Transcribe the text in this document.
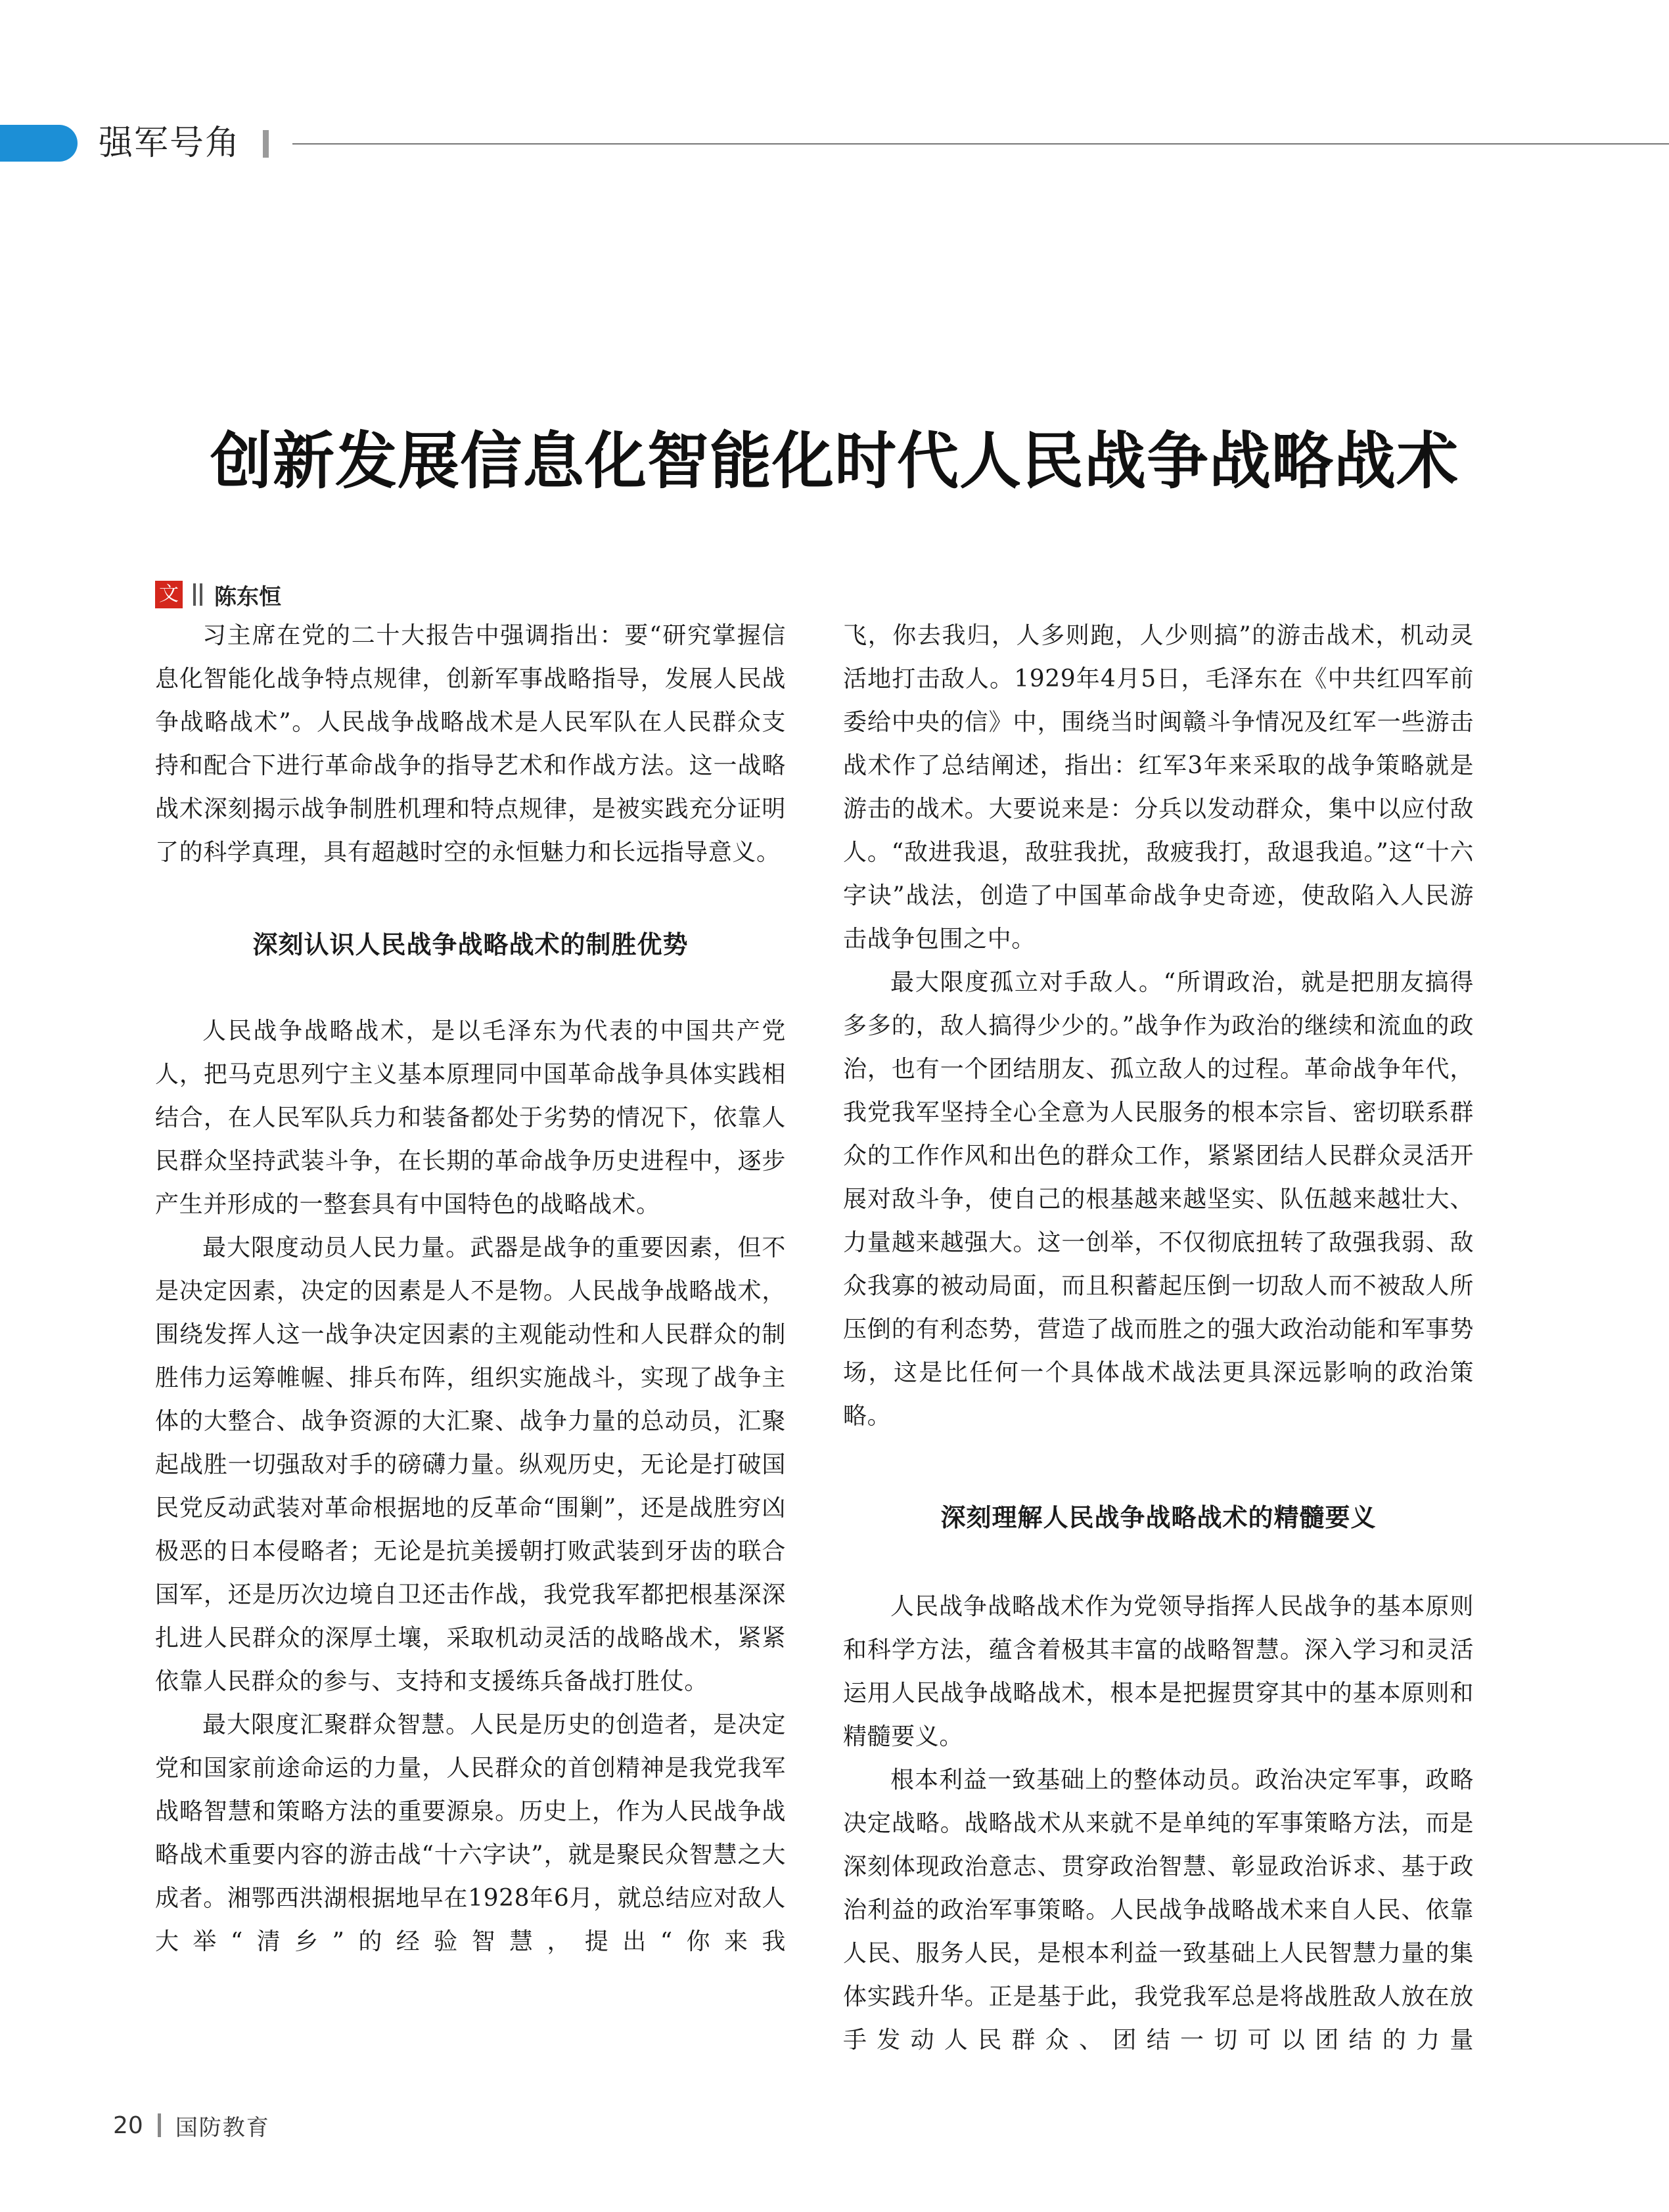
强军号角
创新发展信息化智能化时代人民战争战略战术
文 陈东恒

习主席在党的二十大报告中强调指出：要“研究掌握信息化智能化战争特点规律，创新军事战略指导，发展人民战争战略战术”。人民战争战略战术是人民军队在人民群众支持和配合下进行革命战争的指导艺术和作战方法。这一战略战术深刻揭示战争制胜机理和特点规律，是被实践充分证明了的科学真理，具有超越时空的永恒魅力和长远指导意义。

深刻认识人民战争战略战术的制胜优势

人民战争战略战术，是以毛泽东为代表的中国共产党人，把马克思列宁主义基本原理同中国革命战争具体实践相结合，在人民军队兵力和装备都处于劣势的情况下，依靠人民群众坚持武装斗争，在长期的革命战争历史进程中，逐步产生并形成的一整套具有中国特色的战略战术。

最大限度动员人民力量。武器是战争的重要因素，但不是决定因素，决定的因素是人不是物。人民战争战略战术，围绕发挥人这一战争决定因素的主观能动性和人民群众的制胜伟力运筹帷幄、排兵布阵，组织实施战斗，实现了战争主体的大整合、战争资源的大汇聚、战争力量的总动员，汇聚起战胜一切强敌对手的磅礴力量。纵观历史，无论是打破国民党反动武装对革命根据地的反革命“围剿”，还是战胜穷凶极恶的日本侵略者；无论是抗美援朝打败武装到牙齿的联合国军，还是历次边境自卫还击作战，我党我军都把根基深深扎进人民群众的深厚土壤，采取机动灵活的战略战术，紧紧依靠人民群众的参与、支持和支援练兵备战打胜仗。

最大限度汇聚群众智慧。人民是历史的创造者，是决定党和国家前途命运的力量，人民群众的首创精神是我党我军战略智慧和策略方法的重要源泉。历史上，作为人民战争战略战术重要内容的游击战“十六字诀”，就是聚民众智慧之大成者。湘鄂西洪湖根据地早在1928年6月，就总结应对敌人大举“清乡”的经验智慧，提出“你来我

飞，你去我归，人多则跑，人少则搞”的游击战术，机动灵活地打击敌人。1929年4月5日，毛泽东在《中共红四军前委给中央的信》中，围绕当时闽赣斗争情况及红军一些游击战术作了总结阐述，指出：红军3年来采取的战争策略就是游击的战术。大要说来是：分兵以发动群众，集中以应付敌人。“敌进我退，敌驻我扰，敌疲我打，敌退我追。”这“十六字诀”战法，创造了中国革命战争史奇迹，使敌陷入人民游击战争包围之中。

最大限度孤立对手敌人。“所谓政治，就是把朋友搞得多多的，敌人搞得少少的。”战争作为政治的继续和流血的政治，也有一个团结朋友、孤立敌人的过程。革命战争年代，我党我军坚持全心全意为人民服务的根本宗旨、密切联系群众的工作作风和出色的群众工作，紧紧团结人民群众灵活开展对敌斗争，使自己的根基越来越坚实、队伍越来越壮大、力量越来越强大。这一创举，不仅彻底扭转了敌强我弱、敌众我寡的被动局面，而且积蓄起压倒一切敌人而不被敌人所压倒的有利态势，营造了战而胜之的强大政治动能和军事势场，这是比任何一个具体战术战法更具深远影响的政治策略。

深刻理解人民战争战略战术的精髓要义

人民战争战略战术作为党领导指挥人民战争的基本原则和科学方法，蕴含着极其丰富的战略智慧。深入学习和灵活运用人民战争战略战术，根本是把握贯穿其中的基本原则和精髓要义。

根本利益一致基础上的整体动员。政治决定军事，政略决定战略。战略战术从来就不是单纯的军事策略方法，而是深刻体现政治意志、贯穿政治智慧、彰显政治诉求、基于政治利益的政治军事策略。人民战争战略战术来自人民、依靠人民、服务人民，是根本利益一致基础上人民智慧力量的集体实践升华。正是基于此，我党我军总是将战胜敌人放在放手发动人民群众、团结一切可以团结的力量

20 国防教育
